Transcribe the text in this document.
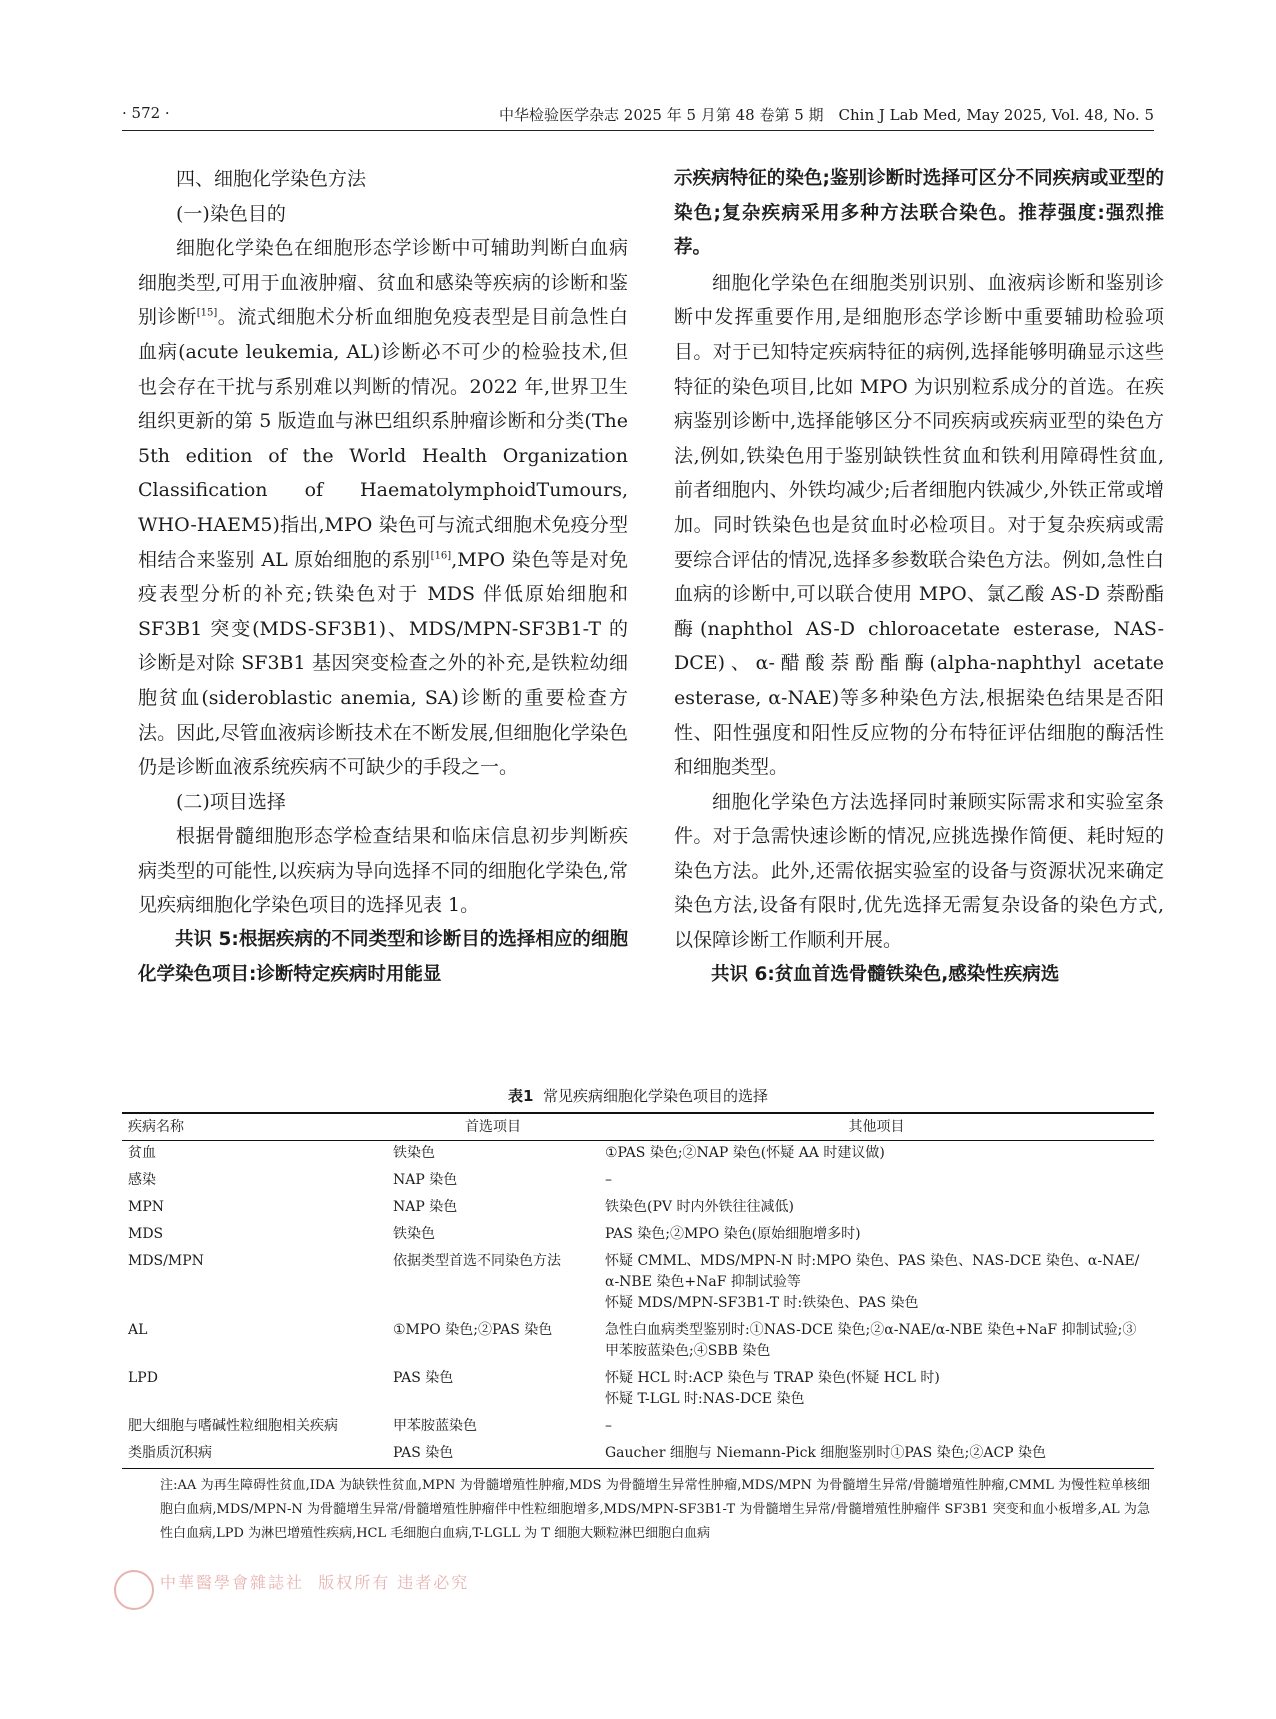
· 572 ·	中华检验医学杂志 2025 年 5 月第 48 卷第 5 期　Chin J Lab Med, May 2025, Vol. 48, No. 5

四、细胞化学染色方法

(一)染色目的

细胞化学染色在细胞形态学诊断中可辅助判断白血病细胞类型,可用于血液肿瘤、贫血和感染等疾病的诊断和鉴别诊断[15]。流式细胞术分析血细胞免疫表型是目前急性白血病(acute leukemia, AL)诊断必不可少的检验技术,但也会存在干扰与系别难以判断的情况。2022 年,世界卫生组织更新的第 5 版造血与淋巴组织系肿瘤诊断和分类(The 5th edition of the World Health Organization Classification of HaematolymphoidTumours, WHO-HAEM5)指出,MPO 染色可与流式细胞术免疫分型相结合来鉴别 AL 原始细胞的系别[16],MPO 染色等是对免疫表型分析的补充;铁染色对于 MDS 伴低原始细胞和 SF3B1 突变(MDS-SF3B1)、MDS/MPN-SF3B1-T 的诊断是对除 SF3B1 基因突变检查之外的补充,是铁粒幼细胞贫血(sideroblastic anemia, SA)诊断的重要检查方法。因此,尽管血液病诊断技术在不断发展,但细胞化学染色仍是诊断血液系统疾病不可缺少的手段之一。

(二)项目选择

根据骨髓细胞形态学检查结果和临床信息初步判断疾病类型的可能性,以疾病为导向选择不同的细胞化学染色,常见疾病细胞化学染色项目的选择见表 1。

共识 5:根据疾病的不同类型和诊断目的选择相应的细胞化学染色项目:诊断特定疾病时用能显

示疾病特征的染色;鉴别诊断时选择可区分不同疾病或亚型的染色;复杂疾病采用多种方法联合染色。推荐强度:强烈推荐。

细胞化学染色在细胞类别识别、血液病诊断和鉴别诊断中发挥重要作用,是细胞形态学诊断中重要辅助检验项目。对于已知特定疾病特征的病例,选择能够明确显示这些特征的染色项目,比如 MPO 为识别粒系成分的首选。在疾病鉴别诊断中,选择能够区分不同疾病或疾病亚型的染色方法,例如,铁染色用于鉴别缺铁性贫血和铁利用障碍性贫血,前者细胞内、外铁均减少;后者细胞内铁减少,外铁正常或增加。同时铁染色也是贫血时必检项目。对于复杂疾病或需要综合评估的情况,选择多参数联合染色方法。例如,急性白血病的诊断中,可以联合使用 MPO、氯乙酸 AS-D 萘酚酯酶(naphthol AS-D chloroacetate esterase, NAS-DCE)、α-醋酸萘酚酯酶(alpha-naphthyl acetate esterase, α-NAE)等多种染色方法,根据染色结果是否阳性、阳性强度和阳性反应物的分布特征评估细胞的酶活性和细胞类型。

细胞化学染色方法选择同时兼顾实际需求和实验室条件。对于急需快速诊断的情况,应挑选操作简便、耗时短的染色方法。此外,还需依据实验室的设备与资源状况来确定染色方法,设备有限时,优先选择无需复杂设备的染色方式,以保障诊断工作顺利开展。

共识 6:贫血首选骨髓铁染色,感染性疾病选

表1 常见疾病细胞化学染色项目的选择
疾病名称	首选项目	其他项目
贫血	铁染色	①PAS 染色;②NAP 染色(怀疑 AA 时建议做)

感染	NAP 染色	–

MPN	NAP 染色	铁染色(PV 时内外铁往往减低)

MDS	铁染色	PAS 染色;②MPO 染色(原始细胞增多时)

MDS/MPN	依据类型首选不同染色方法	怀疑 CMML、MDS/MPN-N 时:MPO 染色、PAS 染色、NAS-DCE 染色、α-NAE/α-NBE 染色+NaF 抑制试验等
怀疑 MDS/MPN-SF3B1-T 时:铁染色、PAS 染色

AL	①MPO 染色;②PAS 染色	急性白血病类型鉴别时:①NAS-DCE 染色;②α-NAE/α-NBE 染色+NaF 抑制试验;③甲苯胺蓝染色;④SBB 染色

LPD	PAS 染色	怀疑 HCL 时:ACP 染色与 TRAP 染色(怀疑 HCL 时)
怀疑 T-LGL 时:NAS-DCE 染色

肥大细胞与嗜碱性粒细胞相关疾病	甲苯胺蓝染色	–

类脂质沉积病	PAS 染色	Gaucher 细胞与 Niemann-Pick 细胞鉴别时①PAS 染色;②ACP 染色
注:AA 为再生障碍性贫血,IDA 为缺铁性贫血,MPN 为骨髓增殖性肿瘤,MDS 为骨髓增生异常性肿瘤,MDS/MPN 为骨髓增生异常/骨髓增殖性肿瘤,CMML 为慢性粒单核细胞白血病,MDS/MPN-N 为骨髓增生异常/骨髓增殖性肿瘤伴中性粒细胞增多,MDS/MPN-SF3B1-T 为骨髓增生异常/骨髓增殖性肿瘤伴 SF3B1 突变和血小板增多,AL 为急性白血病,LPD 为淋巴增殖性疾病,HCL 毛细胞白血病,T-LGLL 为 T 细胞大颗粒淋巴细胞白血病
中華醫學會雜誌社 版权所有 违者必究
